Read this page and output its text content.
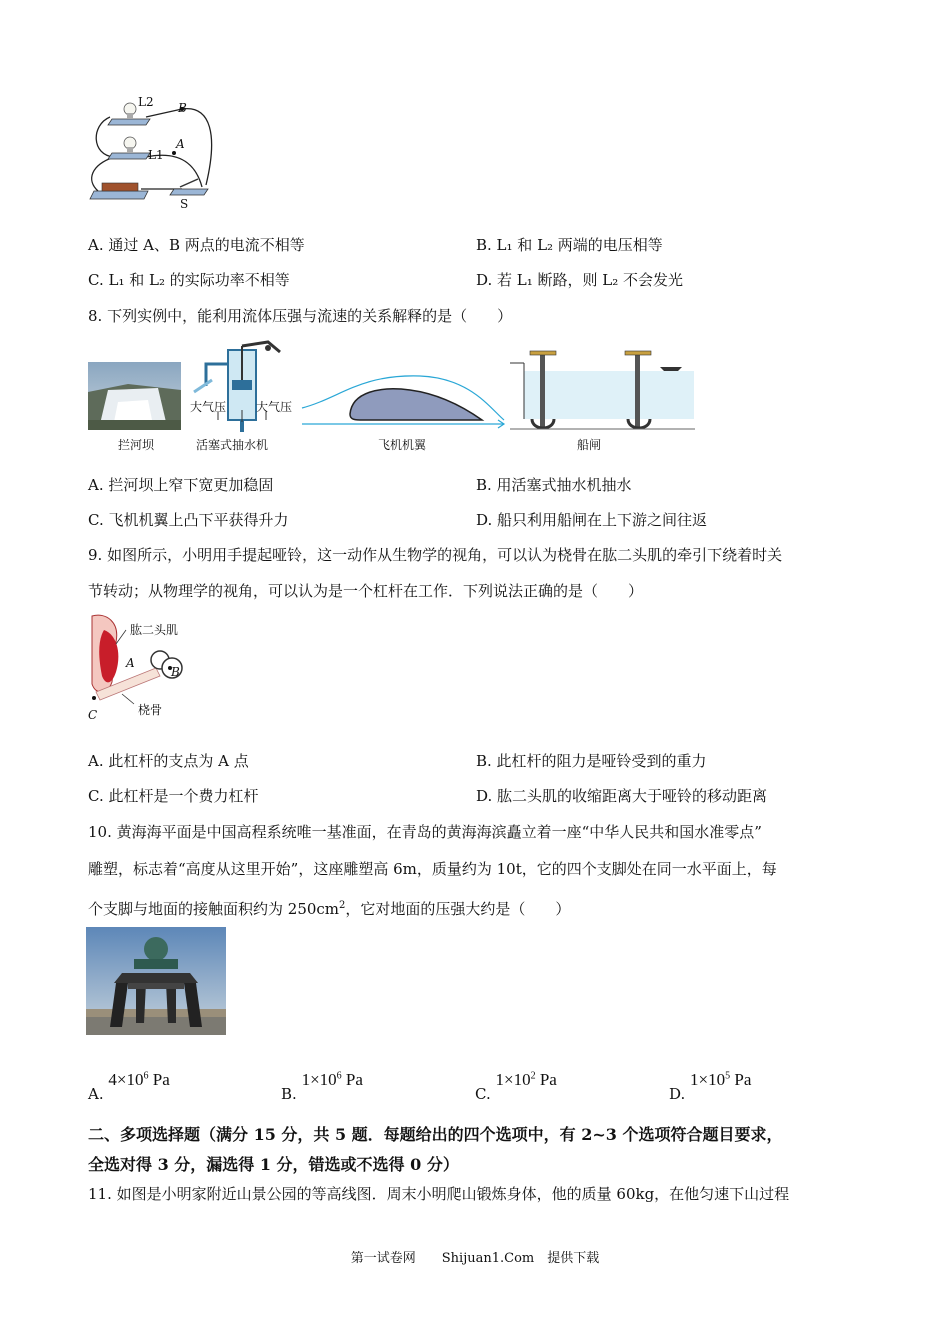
L2 B
A
L1
S
A. 通过 A、B 两点的电流不相等	B. L₁ 和 L₂ 两端的电压相等
C. L₁ 和 L₂ 的实际功率不相等	D. 若 L₁ 断路，则 L₂ 不会发光
8. 下列实例中，能利用流体压强与流速的关系解释的是（　　）
拦河坝
大气压 大气压
活塞式抽水机	飞机机翼	船闸
A. 拦河坝上窄下宽更加稳固	B. 用活塞式抽水机抽水
C. 飞机机翼上凸下平获得升力	D. 船只利用船闸在上下游之间往返
9. 如图所示，小明用手提起哑铃，这一动作从生物学的视角，可以认为桡骨在肱二头肌的牵引下绕着时关
节转动；从物理学的视角，可以认为是一个杠杆在工作．下列说法正确的是（　　）
肱二头肌
A
B
桡骨
C
A. 此杠杆的支点为 A 点	B. 此杠杆的阻力是哑铃受到的重力
C. 此杠杆是一个费力杠杆	D. 肱二头肌的收缩距离大于哑铃的移动距离
10. 黄海海平面是中国高程系统唯一基准面，在青岛的黄海海滨矗立着一座“中华人民共和国水准零点”
雕塑，标志着“高度从这里开始”，这座雕塑高 6m，质量约为 10t，它的四个支脚处在同一水平面上，每
个支脚与地面的接触面积约为 $250cm^2$，它对地面的压强大约是（　　）
A. $4\times 10^6$ Pa
B. $1\times 10^6$ Pa
C. $1\times 10^2$ Pa
D. $1\times 10^5$ Pa
二、多项选择题（满分 15 分，共 5 题．每题给出的四个选项中，有 2~3 个选项符合题目要求，
全选对得 3 分，漏选得 1 分，错选或不选得 0 分）
11. 如图是小明家附近山景公园的等高线图．周末小明爬山锻炼身体，他的质量 60kg，在他匀速下山过程
第一试卷网　　Shijuan1.Com　提供下载
